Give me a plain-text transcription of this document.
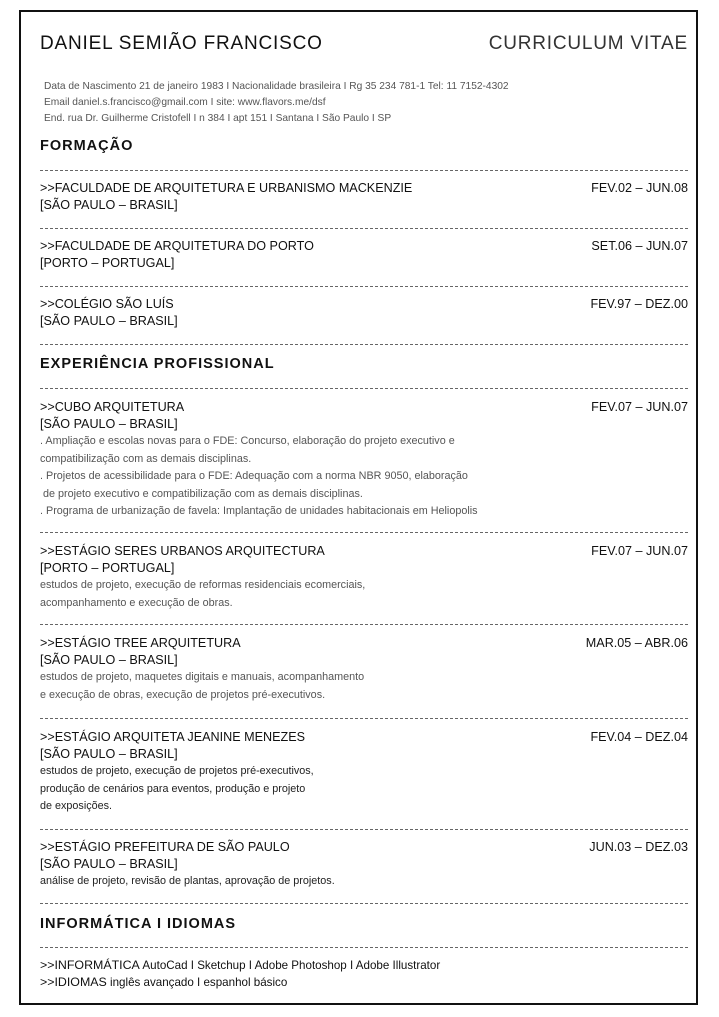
DANIEL SEMIÃO FRANCISCO	CURRICULUM VITAE
Data de Nascimento 21 de janeiro 1983 I Nacionalidade brasileira I Rg 35 234 781-1 Tel: 11 7152-4302
Email daniel.s.francisco@gmail.com I site: www.flavors.me/dsf
End. rua Dr. Guilherme Cristofell I n 384 I apt 151 I Santana I São Paulo I SP
FORMAÇÃO
>>FACULDADE DE ARQUITETURA E URBANISMO MACKENZIE	FEV.02 – JUN.08
[SÃO PAULO – BRASIL]
>>FACULDADE DE ARQUITETURA DO PORTO	SET.06 – JUN.07
[PORTO – PORTUGAL]
>>COLÉGIO SÃO LUÍS	FEV.97 – DEZ.00
[SÃO PAULO – BRASIL]
EXPERIÊNCIA PROFISSIONAL
>>CUBO ARQUITETURA	FEV.07 – JUN.07
[SÃO PAULO – BRASIL]
. Ampliação e escolas novas para o FDE: Concurso, elaboração do projeto executivo e
compatibilização com as demais disciplinas.
. Projetos de acessibilidade para o FDE: Adequação com a norma NBR 9050, elaboração
de projeto executivo e compatibilização com as demais disciplinas.
. Programa de urbanização de favela: Implantação de unidades habitacionais em Heliopolis
>>ESTÁGIO SERES URBANOS ARQUITECTURA	FEV.07 – JUN.07
[PORTO – PORTUGAL]
estudos de projeto, execução de reformas residenciais ecomerciais,
acompanhamento e execução de obras.
>>ESTÁGIO TREE ARQUITETURA	MAR.05 – ABR.06
[SÃO PAULO – BRASIL]
estudos de projeto, maquetes digitais e manuais, acompanhamento
e execução de obras, execução de projetos pré-executivos.
>>ESTÁGIO ARQUITETA JEANINE MENEZES	FEV.04 – DEZ.04
[SÃO PAULO – BRASIL]
estudos de projeto, execução de projetos pré-executivos,
produção de cenários para eventos, produção e projeto
de exposições.
>>ESTÁGIO PREFEITURA DE SÃO PAULO	JUN.03 – DEZ.03
[SÃO PAULO – BRASIL]
análise de projeto, revisão de plantas, aprovação de projetos.
INFORMÁTICA I IDIOMAS
>>INFORMÁTICA AutoCad I Sketchup I Adobe Photoshop I Adobe Illustrator
>>IDIOMAS inglês avançado I espanhol básico
